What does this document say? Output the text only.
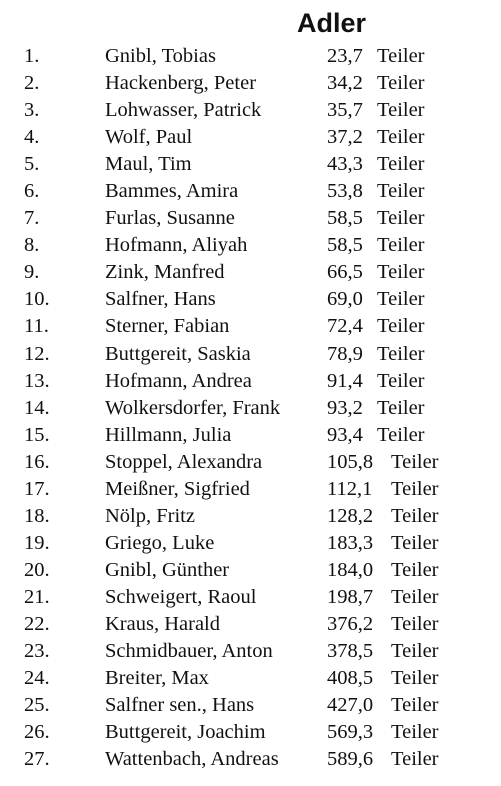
Adler
1.	Gnibl, Tobias	23,7 Teiler
2.	Hackenberg, Peter	34,2 Teiler
3.	Lohwasser, Patrick	35,7 Teiler
4.	Wolf, Paul	37,2 Teiler
5.	Maul, Tim	43,3 Teiler
6.	Bammes, Amira	53,8 Teiler
7.	Furlas, Susanne	58,5 Teiler
8.	Hofmann, Aliyah	58,5 Teiler
9.	Zink, Manfred	66,5 Teiler
10.	Salfner, Hans	69,0 Teiler
11.	Sterner, Fabian	72,4 Teiler
12.	Buttgereit, Saskia	78,9 Teiler
13.	Hofmann, Andrea	91,4 Teiler
14.	Wolkersdorfer, Frank 93,2 Teiler
15.	Hillmann, Julia	93,4 Teiler
16.	Stoppel, Alexandra	105,8 Teiler
17.	Meißner, Sigfried	112,1 Teiler
18.	Nölp, Fritz	128,2 Teiler
19.	Griego, Luke	183,3 Teiler
20.	Gnibl, Günther	184,0 Teiler
21.	Schweigert, Raoul	198,7 Teiler
22.	Kraus, Harald	376,2 Teiler
23.	Schmidbauer, Anton	378,5 Teiler
24.	Breiter, Max	408,5 Teiler
25.	Salfner sen., Hans	427,0 Teiler
26.	Buttgereit, Joachim	569,3 Teiler
27.	Wattenbach, Andreas 589,6 Teiler
